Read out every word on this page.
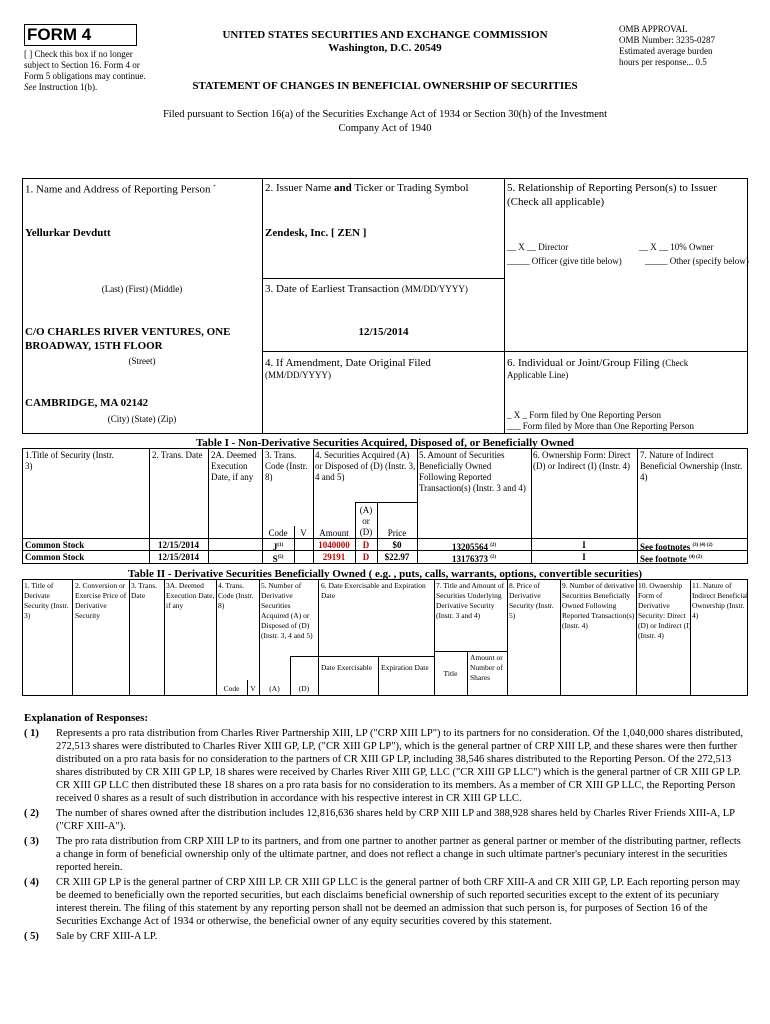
FORM 4
[ ] Check this box if no longer subject to Section 16. Form 4 or Form 5 obligations may continue. See Instruction 1(b).
UNITED STATES SECURITIES AND EXCHANGE COMMISSION
Washington, D.C. 20549
STATEMENT OF CHANGES IN BENEFICIAL OWNERSHIP OF SECURITIES
OMB APPROVAL
OMB Number: 3235-0287
Estimated average burden
hours per response... 0.5
Filed pursuant to Section 16(a) of the Securities Exchange Act of 1934 or Section 30(h) of the Investment Company Act of 1940
1. Name and Address of Reporting Person *
Yellurkar Devdutt
(Last) (First) (Middle)
C/O CHARLES RIVER VENTURES, ONE BROADWAY, 15TH FLOOR
(Street)
CAMBRIDGE, MA 02142
(City) (State) (Zip)
2. Issuer Name and Ticker or Trading Symbol
Zendesk, Inc. [ ZEN ]
3. Date of Earliest Transaction (MM/DD/YYYY)
12/15/2014
4. If Amendment, Date Original Filed
(MM/DD/YYYY)
5. Relationship of Reporting Person(s) to Issuer
(Check all applicable)
__ X __ Director	__ X __ 10% Owner
_____ Officer (give title below)	_____ Other (specify below)
6. Individual or Joint/Group Filing (Check
Applicable Line)
_ X _ Form filed by One Reporting Person
___ Form filed by More than One Reporting Person
Table I - Non-Derivative Securities Acquired, Disposed of, or Beneficially Owned
1.Title of Security (Instr. 3)
2. Trans. Date 2A. Deemed Execution Date, if any
3. Trans. Code (Instr. 8)
4. Securities Acquired (A) or Disposed of (D) (Instr. 3, 4 and 5)
5. Amount of Securities Beneficially Owned Following Reported Transaction(s) (Instr. 3 and 4)
6. Ownership Form: Direct (D) or Indirect (I) (Instr. 4)
7. Nature of Indirect Beneficial Ownership (Instr. 4)
Code	V	Amount
(A) or (D)	Price
Common Stock	12/15/2014	$J^{(1)}$	1040000	D	$0	13205564 $^{(2)}$	I	See footnotes $^{(3) (4) (2)}$
Common Stock	12/15/2014	$S^{(5)}$	29191	D	$22.97	13176373 $^{(2)}$	I	See footnote $^{(4) (2)}$
Table II - Derivative Securities Beneficially Owned ( e.g. , puts, calls, warrants, options, convertible securities)
1. Title of Derivate Security (Instr. 3)
2. Conversion or Exercise Price of Derivative Security
3. Trans. Date
3A. Deemed Execution Date, if any
4. Trans. Code (Instr. 8)
5. Number of Derivative Securities Acquired (A) or Disposed of (D) (Instr. 3, 4 and 5)
6. Date Exercisable and Expiration Date
7. Title and Amount of Securities Underlying Derivative Security (Instr. 3 and 4)
8. Price of Derivative Security (Instr. 5)
9. Number of derivative Securities Beneficially Owned Following Reported Transaction(s) (Instr. 4)
10. Ownership Form of Derivative Security: Direct (D) or Indirect (I) (Instr. 4)
11. Nature of Indirect Beneficial Ownership (Instr. 4)
Code	V	(A)	(D)
Date Exercisable	Expiration Date
Title
Amount or Number of Shares
Explanation of Responses:
( 1)	Represents a pro rata distribution from Charles River Partnership XIII, LP ("CRP XIII LP") to its partners for no consideration. Of the 1,040,000 shares distributed, 272,513 shares were distributed to Charles River XIII GP, LP, ("CR XIII GP LP"), which is the general partner of CRP XIII LP, and these shares were then further distributed on a pro rata basis for no consideration to the partners of CR XIII GP LP, including 38,546 shares distributed to the Reporting Person. Of the 272,513 shares distributed by CR XIII GP LP, 18 shares were received by Charles River XIII GP, LLC ("CR XIII GP LLC") which is the general partner of CR XIII GP LP. CR XIII GP LLC then distributed these 18 shares on a pro rata basis for no consideration to its members. As a member of CR XIII GP LLC, the Reporting Person received 0 shares as a result of such distribution in accordance with his respective interest in CR XIII GP LLC.
( 2)	The number of shares owned after the distribution includes 12,816,636 shares held by CRP XIII LP and 388,928 shares held by Charles River Friends XIII-A, LP ("CRF XIII-A").
( 3)	The pro rata distribution from CRP XIII LP to its partners, and from one partner to another partner as general partner or member of the distributing partner, reflects a change in form of beneficial ownership only of the ultimate partner, and does not reflect a change in such ultimate partner's pecuniary interest in the securities reported herein.
( 4)	CR XIII GP LP is the general partner of CRP XIII LP. CR XIII GP LLC is the general partner of both CRF XIII-A and CR XIII GP, LP. Each reporting person may be deemed to beneficially own the reported securities, but each disclaims beneficial ownership of such reported securities except to the extent of its pecuniary interest therein. The filing of this statement by any reporting person shall not be deemed an admission that such person is, for purposes of Section 16 of the Securities Exchange Act of 1934 or otherwise, the beneficial owner of any equity securities covered by this statement.
( 5)	Sale by CRF XIII-A LP.
